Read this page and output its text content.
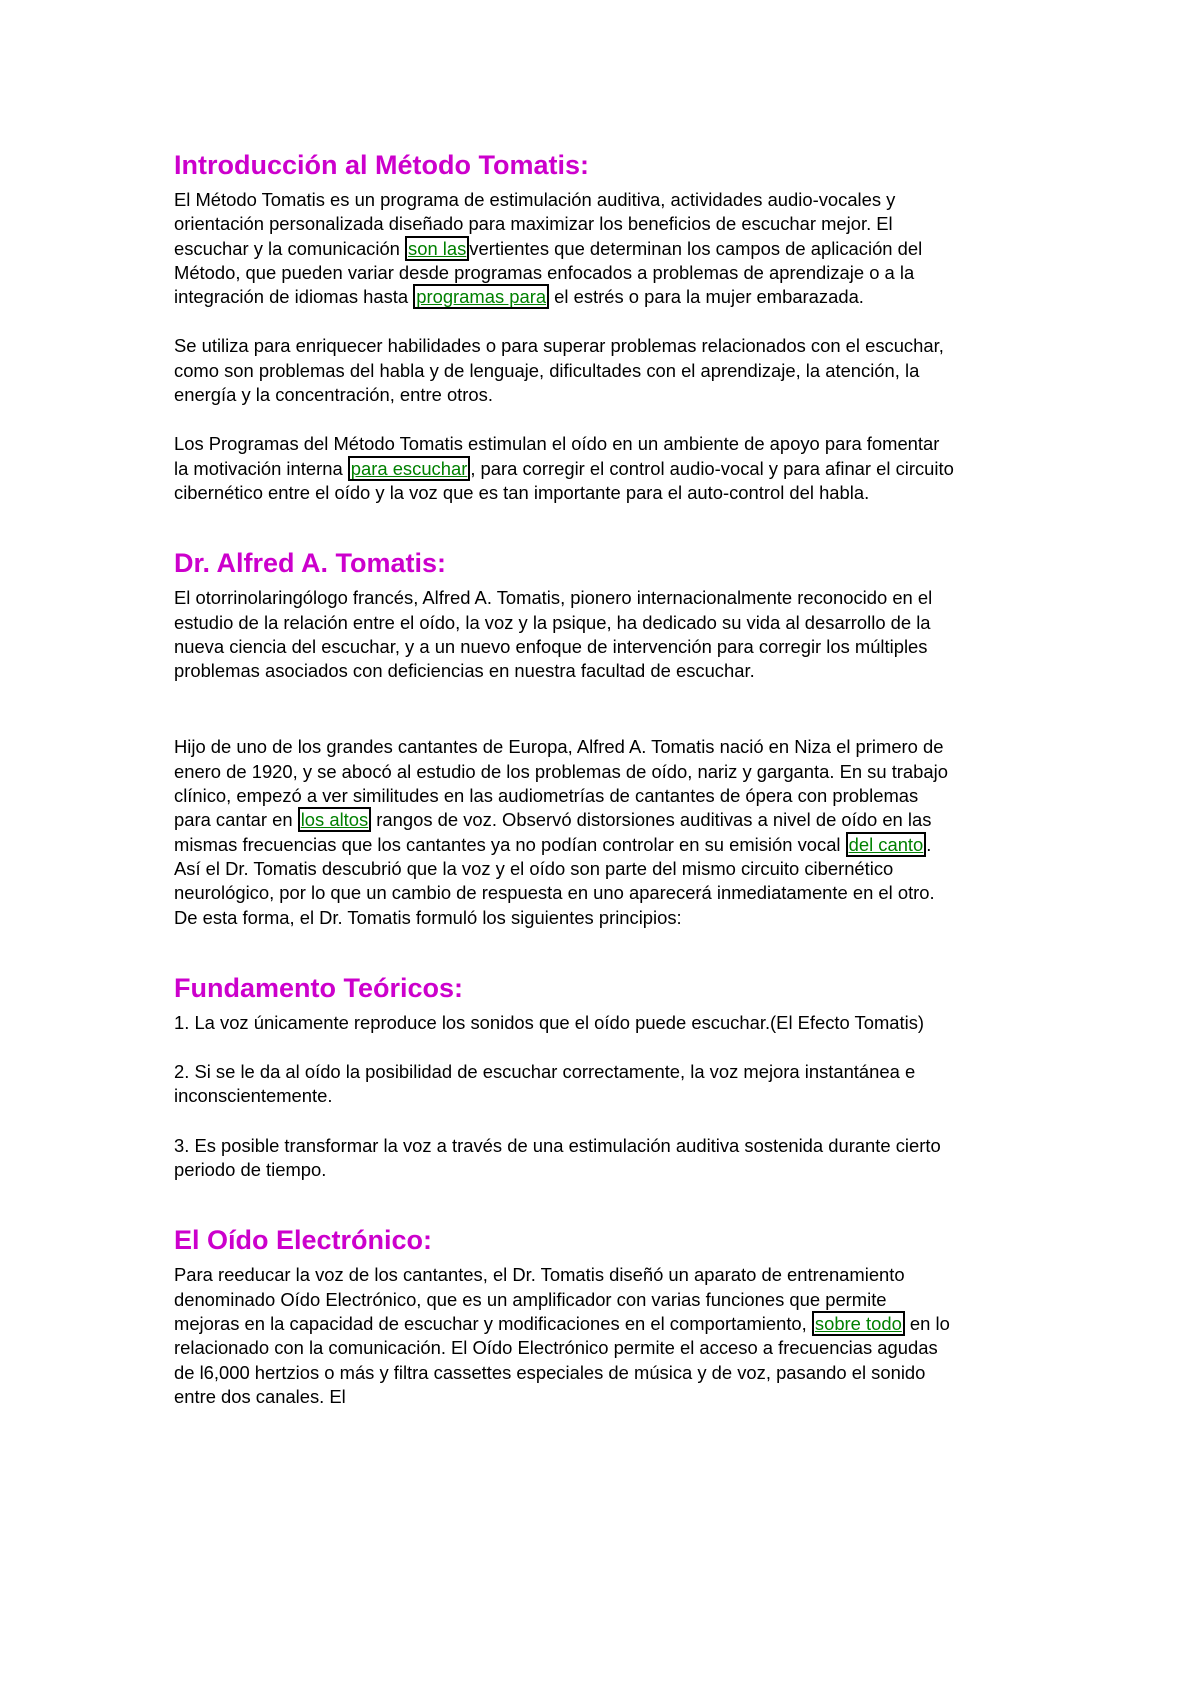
Introducción al Método Tomatis:

El Método Tomatis es un programa de estimulación auditiva, actividades audio-vocales y orientación personalizada diseñado para maximizar los beneficios de escuchar mejor. El escuchar y la comunicación son las vertientes que determinan los campos de aplicación del Método, que pueden variar desde programas enfocados a problemas de aprendizaje o a la integración de idiomas hasta programas para el estrés o para la mujer embarazada.

Se utiliza para enriquecer habilidades o para superar problemas relacionados con el escuchar, como son problemas del habla y de lenguaje, dificultades con el aprendizaje, la atención, la energía y la concentración, entre otros.

Los Programas del Método Tomatis estimulan el oído en un ambiente de apoyo para fomentar la motivación interna para escuchar , para corregir el control audio-vocal y para afinar el circuito cibernético entre el oído y la voz que es tan importante para el auto-control del habla.

Dr. Alfred A. Tomatis:

El otorrinolaringólogo francés, Alfred A. Tomatis, pionero internacionalmente reconocido en el estudio de la relación entre el oído, la voz y la psique, ha dedicado su vida al desarrollo de la nueva ciencia del escuchar, y a un nuevo enfoque de intervención para corregir los múltiples problemas asociados con deficiencias en nuestra facultad de escuchar.

Hijo de uno de los grandes cantantes de Europa, Alfred A. Tomatis nació en Niza el primero de enero de 1920, y se abocó al estudio de los problemas de oído, nariz y garganta. En su trabajo clínico, empezó a ver similitudes en las audiometrías de cantantes de ópera con problemas para cantar en los altos rangos de voz. Observó distorsiones auditivas a nivel de oído en las mismas frecuencias que los cantantes ya no podían controlar en su emisión vocal del canto . Así el Dr. Tomatis descubrió que la voz y el oído son parte del mismo circuito cibernético neurológico, por lo que un cambio de respuesta en uno aparecerá inmediatamente en el otro. De esta forma, el Dr. Tomatis formuló los siguientes principios:

Fundamento Teóricos:

1. La voz únicamente reproduce los sonidos que el oído puede escuchar.(El Efecto Tomatis)

2. Si se le da al oído la posibilidad de escuchar correctamente, la voz mejora instantánea e inconscientemente.

3. Es posible transformar la voz a través de una estimulación auditiva sostenida durante cierto periodo de tiempo.

El Oído Electrónico:

Para reeducar la voz de los cantantes, el Dr. Tomatis diseñó un aparato de entrenamiento denominado Oído Electrónico, que es un amplificador con varias funciones que permite mejoras en la capacidad de escuchar y modificaciones en el comportamiento, sobre todo en lo relacionado con la comunicación. El Oído Electrónico permite el acceso a frecuencias agudas de l6,000 hertzios o más y filtra cassettes especiales de música y de voz, pasando el sonido entre dos canales. El
